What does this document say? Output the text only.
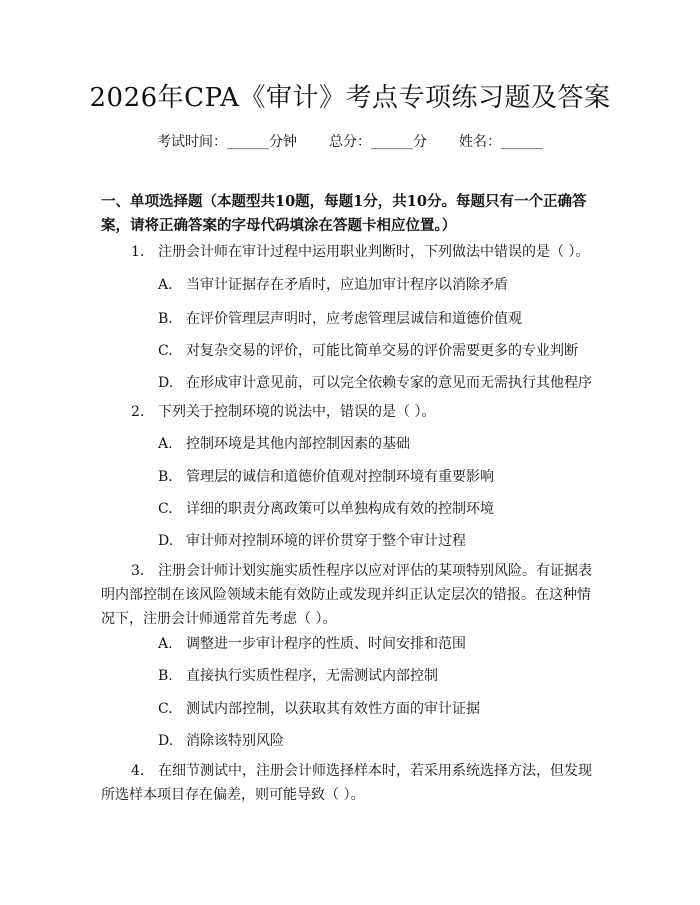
2026年CPA《审计》考点专项练习题及答案
考试时间：______分钟 总分：______分 姓名：______
一、单项选择题（本题型共10题，每题1分，共10分。每题只有一个正确答案，请将正确答案的字母代码填涂在答题卡相应位置。）
1. 注册会计师在审计过程中运用职业判断时，下列做法中错误的是（ ）。
A. 当审计证据存在矛盾时，应追加审计程序以消除矛盾
B. 在评价管理层声明时，应考虑管理层诚信和道德价值观
C. 对复杂交易的评价，可能比简单交易的评价需要更多的专业判断
D. 在形成审计意见前，可以完全依赖专家的意见而无需执行其他程序
2. 下列关于控制环境的说法中，错误的是（ ）。
A. 控制环境是其他内部控制因素的基础
B. 管理层的诚信和道德价值观对控制环境有重要影响
C. 详细的职责分离政策可以单独构成有效的控制环境
D. 审计师对控制环境的评价贯穿于整个审计过程
3. 注册会计师计划实施实质性程序以应对评估的某项特别风险。有证据表明内部控制在该风险领域未能有效防止或发现并纠正认定层次的错报。在这种情况下，注册会计师通常首先考虑（ ）。
A. 调整进一步审计程序的性质、时间安排和范围
B. 直接执行实质性程序，无需测试内部控制
C. 测试内部控制，以获取其有效性方面的审计证据
D. 消除该特别风险
4. 在细节测试中，注册会计师选择样本时，若采用系统选择方法，但发现所选样本项目存在偏差，则可能导致（ ）。
